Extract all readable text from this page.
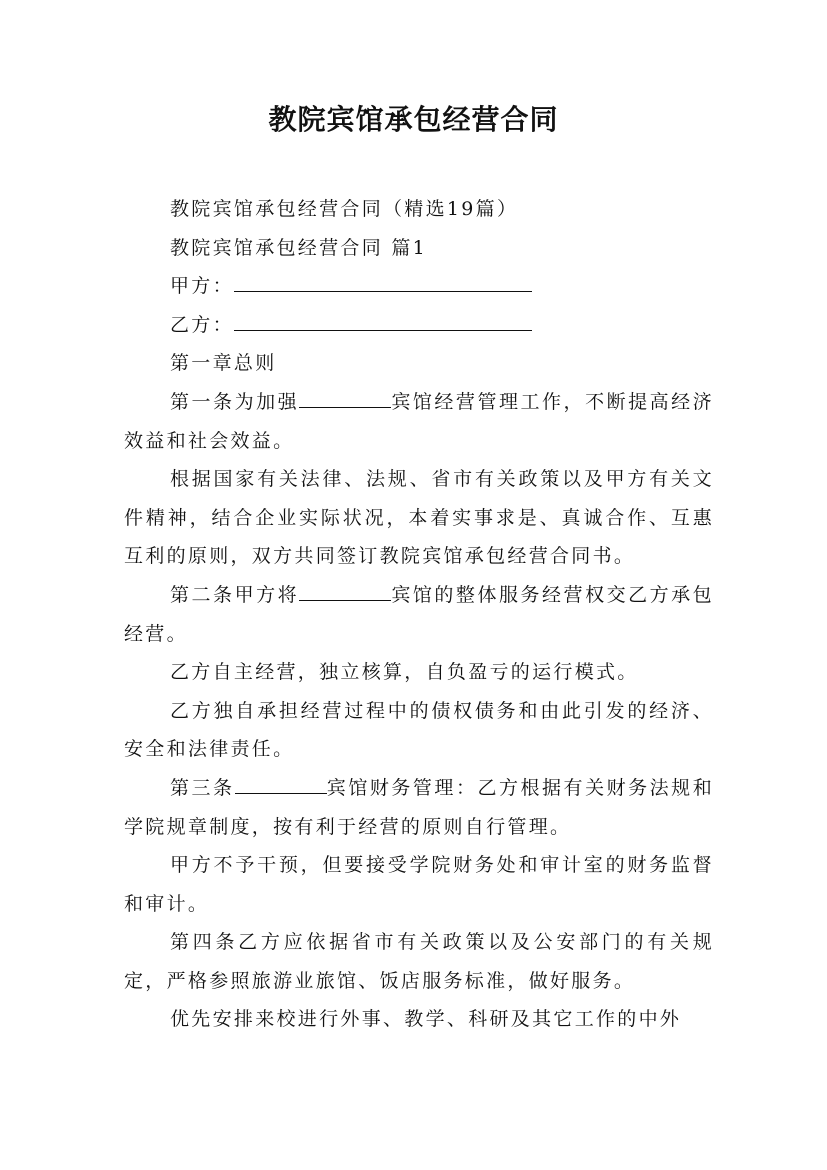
教院宾馆承包经营合同

教院宾馆承包经营合同（精选19篇）

教院宾馆承包经营合同 篇1

甲方：

乙方：

第一章总则

第一条为加强	宾馆经营管理工作，不断提高经济效益和社会效益。

根据国家有关法律、法规、省市有关政策以及甲方有关文件精神，结合企业实际状况，本着实事求是、真诚合作、互惠互利的原则，双方共同签订教院宾馆承包经营合同书。

第二条甲方将	宾馆的整体服务经营权交乙方承包经营。

乙方自主经营，独立核算，自负盈亏的运行模式。

乙方独自承担经营过程中的债权债务和由此引发的经济、安全和法律责任。

第三条	宾馆财务管理：乙方根据有关财务法规和学院规章制度，按有利于经营的原则自行管理。

甲方不予干预，但要接受学院财务处和审计室的财务监督和审计。

第四条乙方应依据省市有关政策以及公安部门的有关规定，严格参照旅游业旅馆、饭店服务标准，做好服务。

优先安排来校进行外事、教学、科研及其它工作的中外
